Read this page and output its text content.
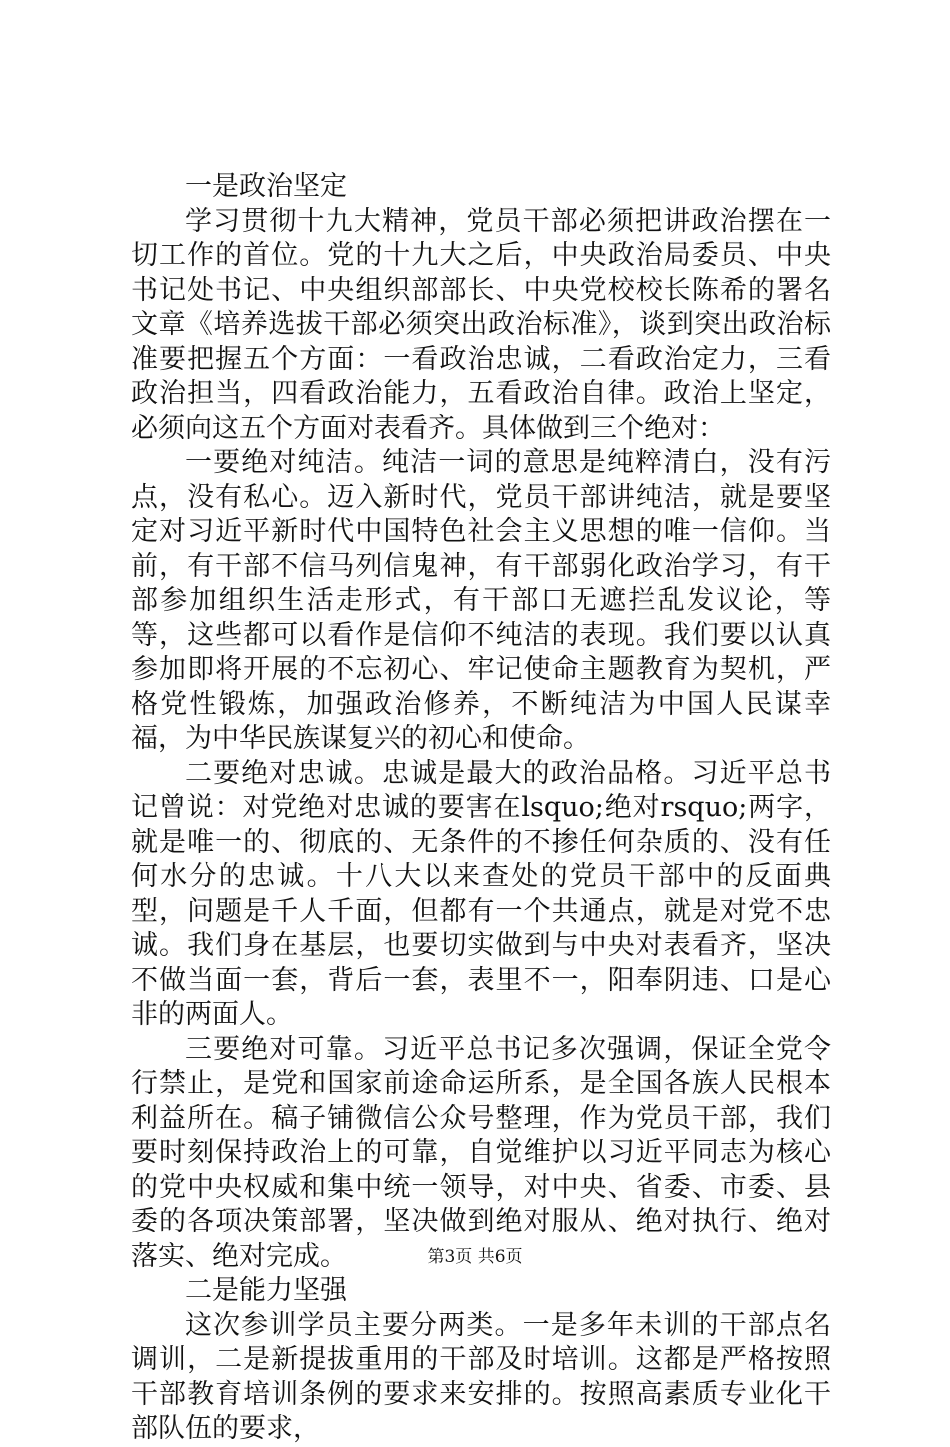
一是政治坚定

学习贯彻十九大精神，党员干部必须把讲政治摆在一切工作的首位。党的十九大之后，中央政治局委员、中央书记处书记、中央组织部部长、中央党校校长陈希的署名文章《培养选拔干部必须突出政治标准》，谈到突出政治标准要把握五个方面：一看政治忠诚，二看政治定力，三看政治担当，四看政治能力，五看政治自律。政治上坚定，必须向这五个方面对表看齐。具体做到三个绝对：

一要绝对纯洁。纯洁一词的意思是纯粹清白，没有污点，没有私心。迈入新时代，党员干部讲纯洁，就是要坚定对习近平新时代中国特色社会主义思想的唯一信仰。当前，有干部不信马列信鬼神，有干部弱化政治学习，有干部参加组织生活走形式，有干部口无遮拦乱发议论，等等，这些都可以看作是信仰不纯洁的表现。我们要以认真参加即将开展的不忘初心、牢记使命主题教育为契机，严格党性锻炼，加强政治修养，不断纯洁为中国人民谋幸福，为中华民族谋复兴的初心和使命。

二要绝对忠诚。忠诚是最大的政治品格。习近平总书记曾说：对党绝对忠诚的要害在lsquo;绝对rsquo;两字，就是唯一的、彻底的、无条件的不掺任何杂质的、没有任何水分的忠诚。十八大以来查处的党员干部中的反面典型，问题是千人千面，但都有一个共通点，就是对党不忠诚。我们身在基层，也要切实做到与中央对表看齐，坚决不做当面一套，背后一套，表里不一，阳奉阴违、口是心非的两面人。

三要绝对可靠。习近平总书记多次强调，保证全党令行禁止，是党和国家前途命运所系，是全国各族人民根本利益所在。稿子铺微信公众号整理，作为党员干部，我们要时刻保持政治上的可靠，自觉维护以习近平同志为核心的党中央权威和集中统一领导，对中央、省委、市委、县委的各项决策部署，坚决做到绝对服从、绝对执行、绝对落实、绝对完成。

二是能力坚强

这次参训学员主要分两类。一是多年未训的干部点名调训，二是新提拔重用的干部及时培训。这都是严格按照干部教育培训条例的要求来安排的。按照高素质专业化干部队伍的要求，

第3页 共6页
